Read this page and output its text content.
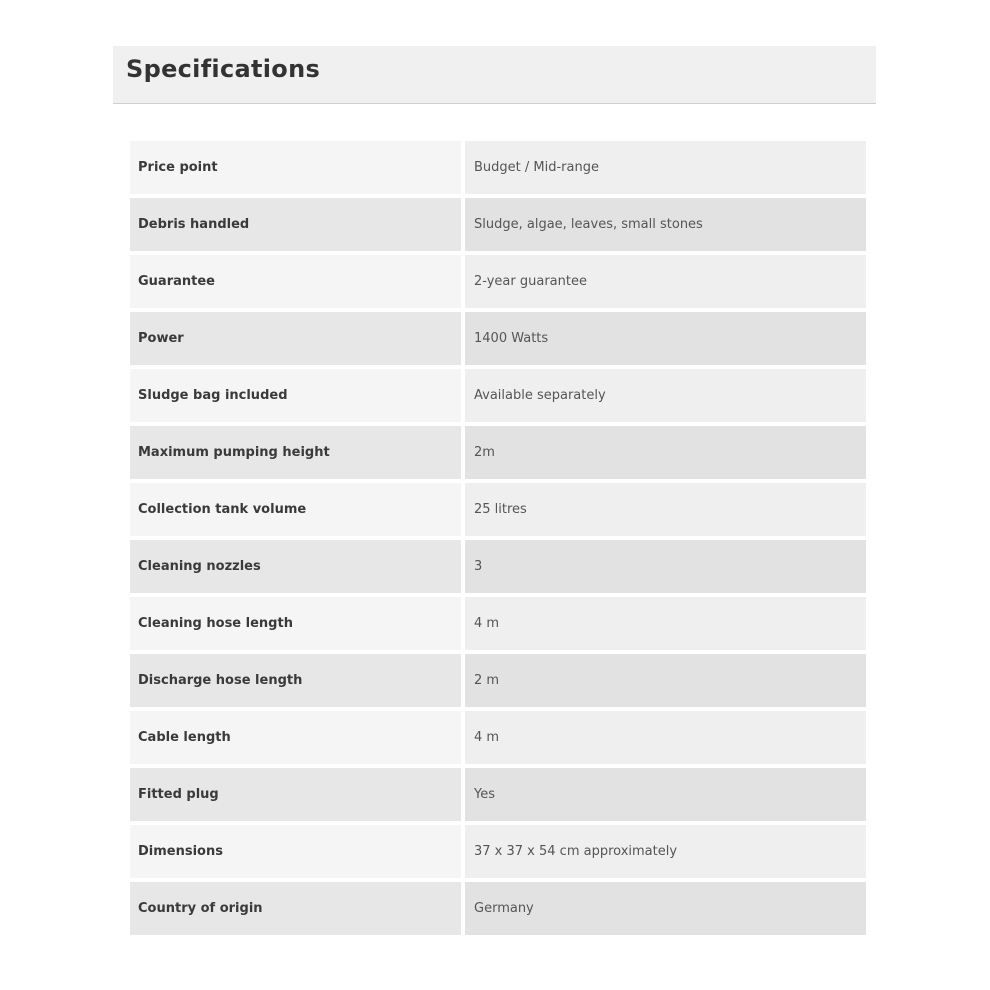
Specifications
Price point	Budget / Mid-range
Debris handled	Sludge, algae, leaves, small stones
Guarantee	2-year guarantee
Power	1400 Watts
Sludge bag included	Available separately
Maximum pumping height	2m
Collection tank volume	25 litres
Cleaning nozzles	3
Cleaning hose length	4 m
Discharge hose length	2 m
Cable length	4 m
Fitted plug	Yes
Dimensions	37 x 37 x 54 cm approximately
Country of origin	Germany
